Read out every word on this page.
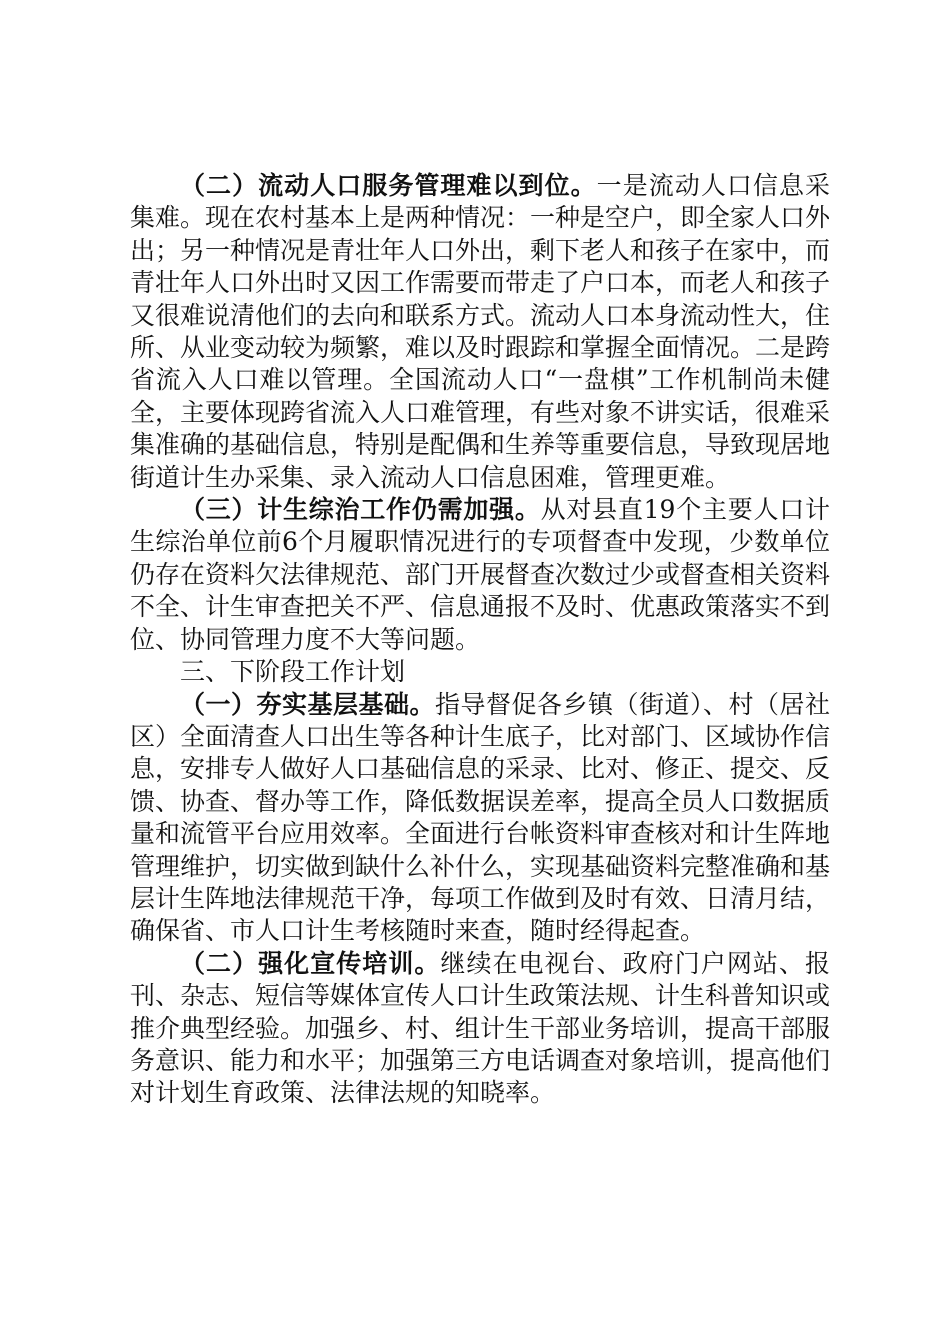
（二）流动人口服务管理难以到位。一是流动人口信息采集难。现在农村基本上是两种情况：一种是空户，即全家人口外出；另一种情况是青壮年人口外出，剩下老人和孩子在家中，而青壮年人口外出时又因工作需要而带走了户口本，而老人和孩子又很难说清他们的去向和联系方式。流动人口本身流动性大，住所、从业变动较为频繁，难以及时跟踪和掌握全面情况。二是跨省流入人口难以管理。全国流动人口“一盘棋”工作机制尚未健全，主要体现跨省流入人口难管理，有些对象不讲实话，很难采集准确的基础信息，特别是配偶和生养等重要信息，导致现居地街道计生办采集、录入流动人口信息困难，管理更难。

（三）计生综治工作仍需加强。从对县直19个主要人口计生综治单位前6个月履职情况进行的专项督查中发现，少数单位仍存在资料欠法律规范、部门开展督查次数过少或督查相关资料不全、计生审查把关不严、信息通报不及时、优惠政策落实不到位、协同管理力度不大等问题。

三、下阶段工作计划

（一）夯实基层基础。指导督促各乡镇（街道）、村（居社区）全面清查人口出生等各种计生底子，比对部门、区域协作信息，安排专人做好人口基础信息的采录、比对、修正、提交、反馈、协查、督办等工作，降低数据误差率，提高全员人口数据质量和流管平台应用效率。全面进行台帐资料审查核对和计生阵地管理维护，切实做到缺什么补什么，实现基础资料完整准确和基层计生阵地法律规范干净，每项工作做到及时有效、日清月结，确保省、市人口计生考核随时来查，随时经得起查。

（二）强化宣传培训。继续在电视台、政府门户网站、报刊、杂志、短信等媒体宣传人口计生政策法规、计生科普知识或推介典型经验。加强乡、村、组计生干部业务培训，提高干部服务意识、能力和水平；加强第三方电话调查对象培训，提高他们对计划生育政策、法律法规的知晓率。
